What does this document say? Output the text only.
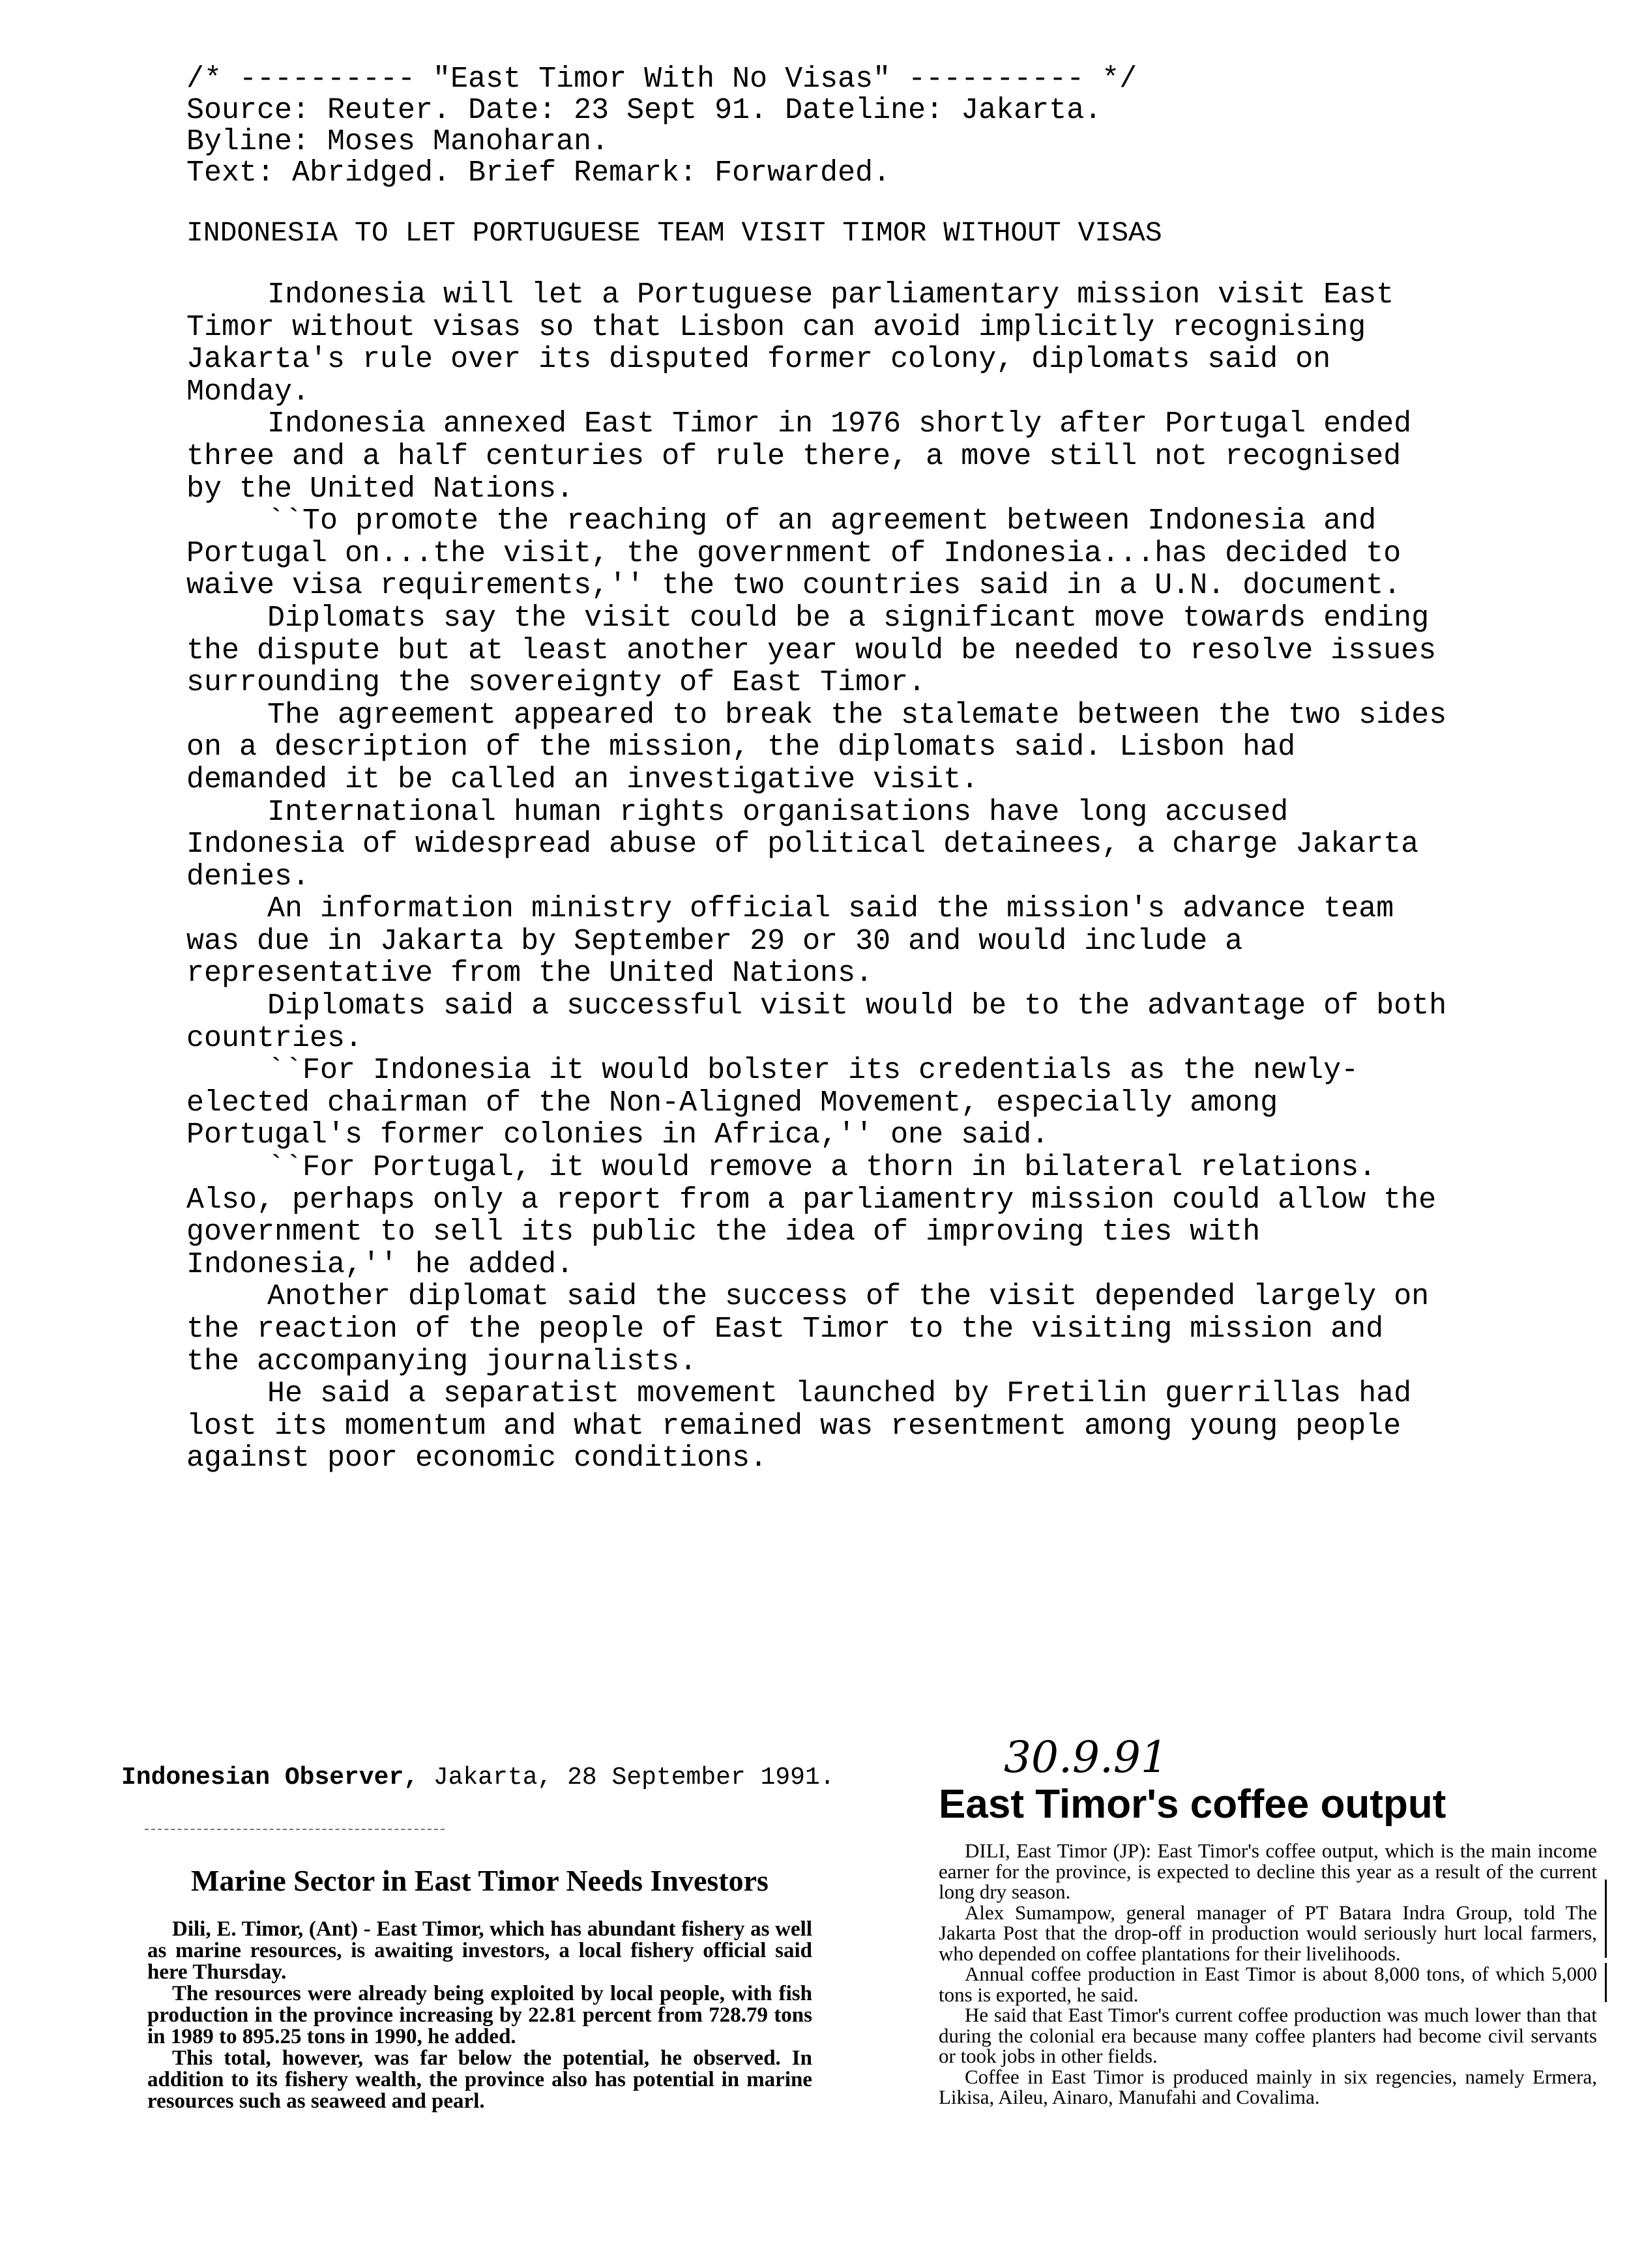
/* ---------- "East Timor With No Visas" ---------- */
Source: Reuter. Date: 23 Sept 91. Dateline: Jakarta.
Byline: Moses Manoharan.
Text: Abridged. Brief Remark: Forwarded.
INDONESIA TO LET PORTUGUESE TEAM VISIT TIMOR WITHOUT VISAS

Indonesia will let a Portuguese parliamentary mission visit East Timor without visas so that Lisbon can avoid implicitly recognising Jakarta's rule over its disputed former colony, diplomats said on Monday.

Indonesia annexed East Timor in 1976 shortly after Portugal ended three and a half centuries of rule there, a move still not recognised by the United Nations.

``To promote the reaching of an agreement between Indonesia and Portugal on...the visit, the government of Indonesia...has decided to waive visa requirements,'' the two countries said in a U.N. document.

Diplomats say the visit could be a significant move towards ending the dispute but at least another year would be needed to resolve issues surrounding the sovereignty of East Timor.

The agreement appeared to break the stalemate between the two sides on a description of the mission, the diplomats said. Lisbon had demanded it be called an investigative visit.

International human rights organisations have long accused Indonesia of widespread abuse of political detainees, a charge Jakarta denies.

An information ministry official said the mission's advance team was due in Jakarta by September 29 or 30 and would include a representative from the United Nations.

Diplomats said a successful visit would be to the advantage of both countries.

``For Indonesia it would bolster its credentials as the newly-elected chairman of the Non-Aligned Movement, especially among Portugal's former colonies in Africa,'' one said.

``For Portugal, it would remove a thorn in bilateral relations. Also, perhaps only a report from a parliamentry mission could allow the government to sell its public the idea of improving ties with Indonesia,'' he added.

Another diplomat said the success of the visit depended largely on the reaction of the people of East Timor to the visiting mission and the accompanying journalists.

He said a separatist movement launched by Fretilin guerrillas had lost its momentum and what remained was resentment among young people against poor economic conditions.

Indonesian Observer, Jakarta, 28 September 1991.
Marine Sector in East Timor Needs Investors

Dili, E. Timor, (Ant) - East Timor, which has abundant fishery as well as marine resources, is awaiting investors, a local fishery official said here Thursday.

The resources were already being exploited by local people, with fish production in the province increasing by 22.81 percent from 728.79 tons in 1989 to 895.25 tons in 1990, he added.

This total, however, was far below the potential, he observed. In addition to its fishery wealth, the province also has potential in marine resources such as seaweed and pearl.

30.9.91
East Timor's coffee output

DILI, East Timor (JP): East Timor's coffee output, which is the main income earner for the province, is expected to decline this year as a result of the current long dry season.

Alex Sumampow, general manager of PT Batara Indra Group, told The Jakarta Post that the drop-off in production would seriously hurt local farmers, who depended on coffee plantations for their livelihoods.

Annual coffee production in East Timor is about 8,000 tons, of which 5,000 tons is exported, he said.

He said that East Timor's current coffee production was much lower than that during the colonial era because many coffee planters had become civil servants or took jobs in other fields.

Coffee in East Timor is produced mainly in six regencies, namely Ermera, Likisa, Aileu, Ainaro, Manufahi and Covalima.
